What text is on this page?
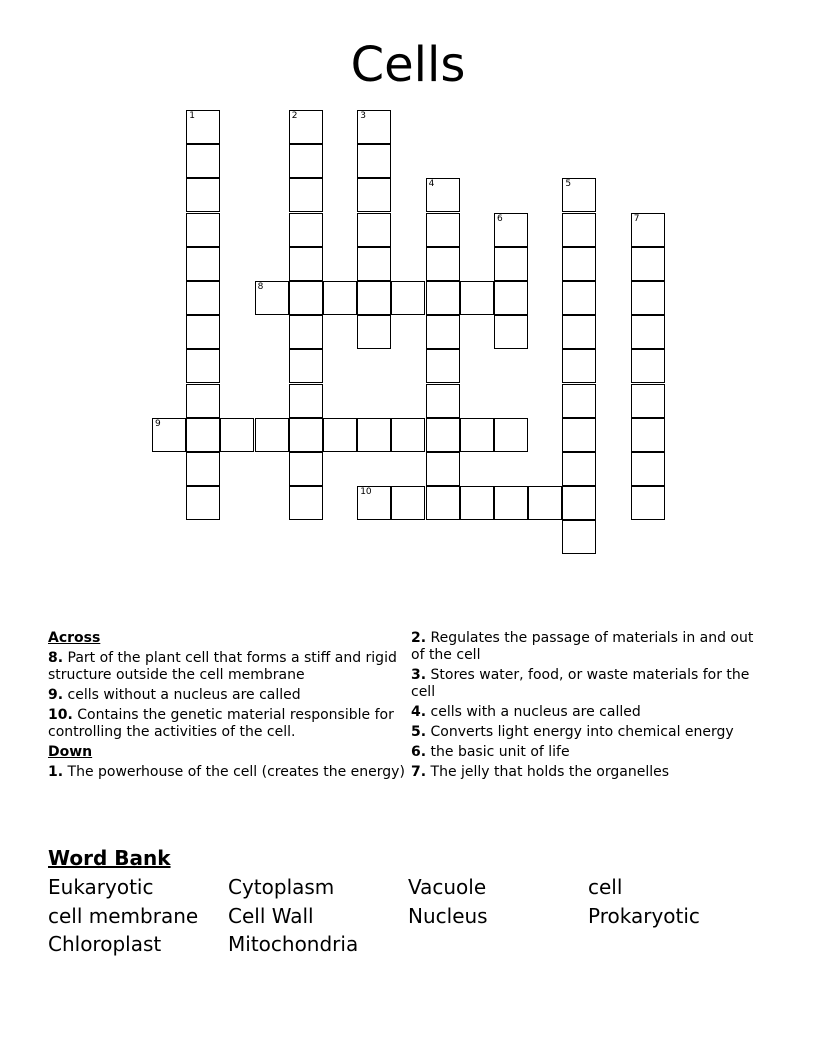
Cells
1	2	3
4	5
6	7
8
9
10
Across
8. Part of the plant cell that forms a stiff and rigid structure outside the cell membrane
9. cells without a nucleus are called
10. Contains the genetic material responsible for controlling the activities of the cell.
Down
1. The powerhouse of the cell (creates the energy)
2. Regulates the passage of materials in and out of the cell
3. Stores water, food, or waste materials for the cell
4. cells with a nucleus are called
5. Converts light energy into chemical energy
6. the basic unit of life
7. The jelly that holds the organelles
Word Bank
Eukaryotic	Cytoplasm	Vacuole	cell
cell membrane	Cell Wall	Nucleus	Prokaryotic
Chloroplast	Mitochondria
